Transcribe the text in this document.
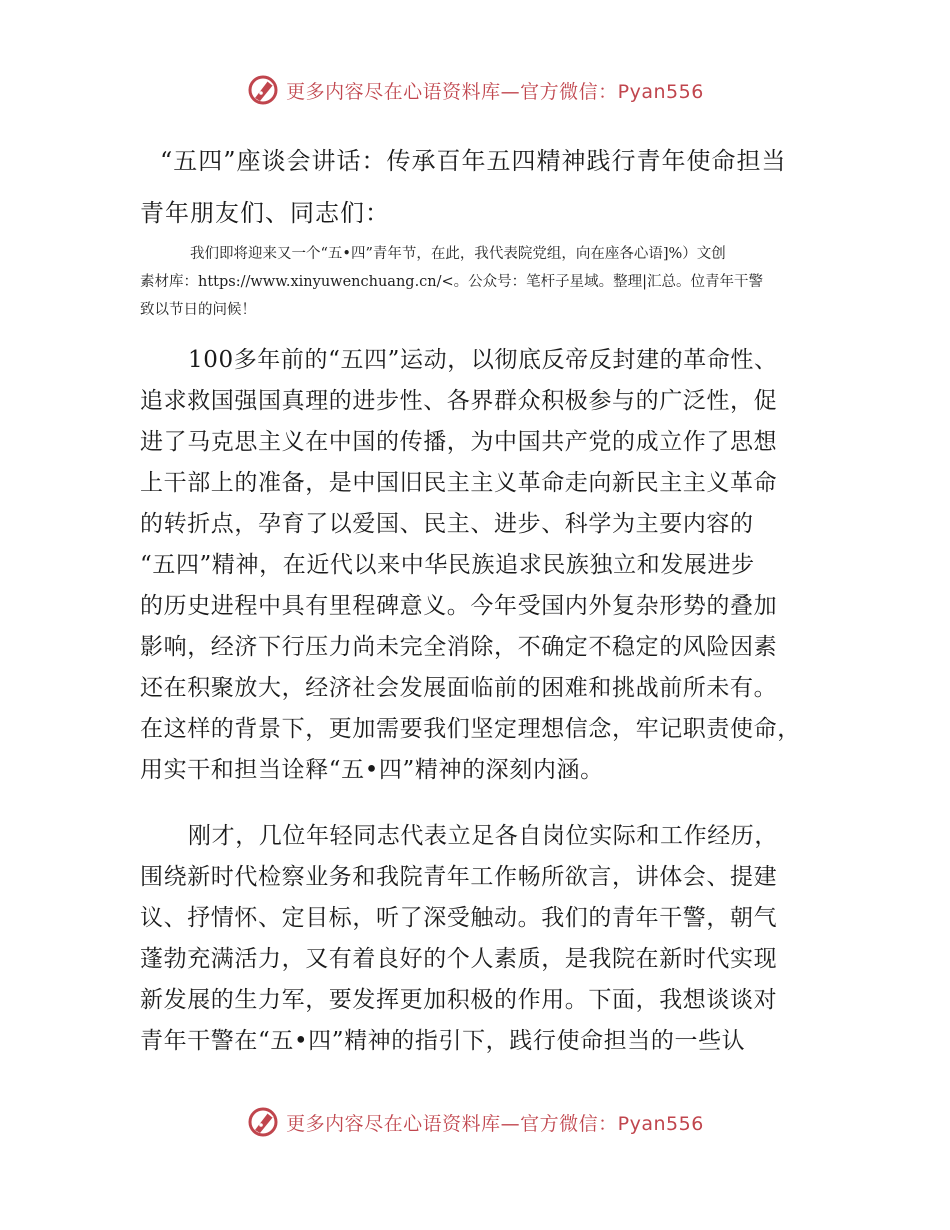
更多内容尽在心语资料库—官方微信：Pyan556
“五四”座谈会讲话：传承百年五四精神践行青年使命担当
青年朋友们、同志们：
我们即将迎来又一个“五•四”青年节，在此，我代表院党组，向在座各心语]%）文创
素材库：https://www.xinyuwenchuang.cn/<。公众号：笔杆子星域。整理|汇总。位青年干警
致以节日的问候！
100多年前的“五四”运动，以彻底反帝反封建的革命性、
追求救国强国真理的进步性、各界群众积极参与的广泛性，促
进了马克思主义在中国的传播，为中国共产党的成立作了思想
上干部上的准备，是中国旧民主主义革命走向新民主主义革命
的转折点，孕育了以爱国、民主、进步、科学为主要内容的
“五四”精神，在近代以来中华民族追求民族独立和发展进步
的历史进程中具有里程碑意义。今年受国内外复杂形势的叠加
影响，经济下行压力尚未完全消除，不确定不稳定的风险因素
还在积聚放大，经济社会发展面临前的困难和挑战前所未有。
在这样的背景下，更加需要我们坚定理想信念，牢记职责使命，
用实干和担当诠释“五•四”精神的深刻内涵。
刚才，几位年轻同志代表立足各自岗位实际和工作经历，
围绕新时代检察业务和我院青年工作畅所欲言，讲体会、提建
议、抒情怀、定目标，听了深受触动。我们的青年干警，朝气
蓬勃充满活力，又有着良好的个人素质，是我院在新时代实现
新发展的生力军，要发挥更加积极的作用。下面，我想谈谈对
青年干警在“五•四”精神的指引下，践行使命担当的一些认
更多内容尽在心语资料库—官方微信：Pyan556
